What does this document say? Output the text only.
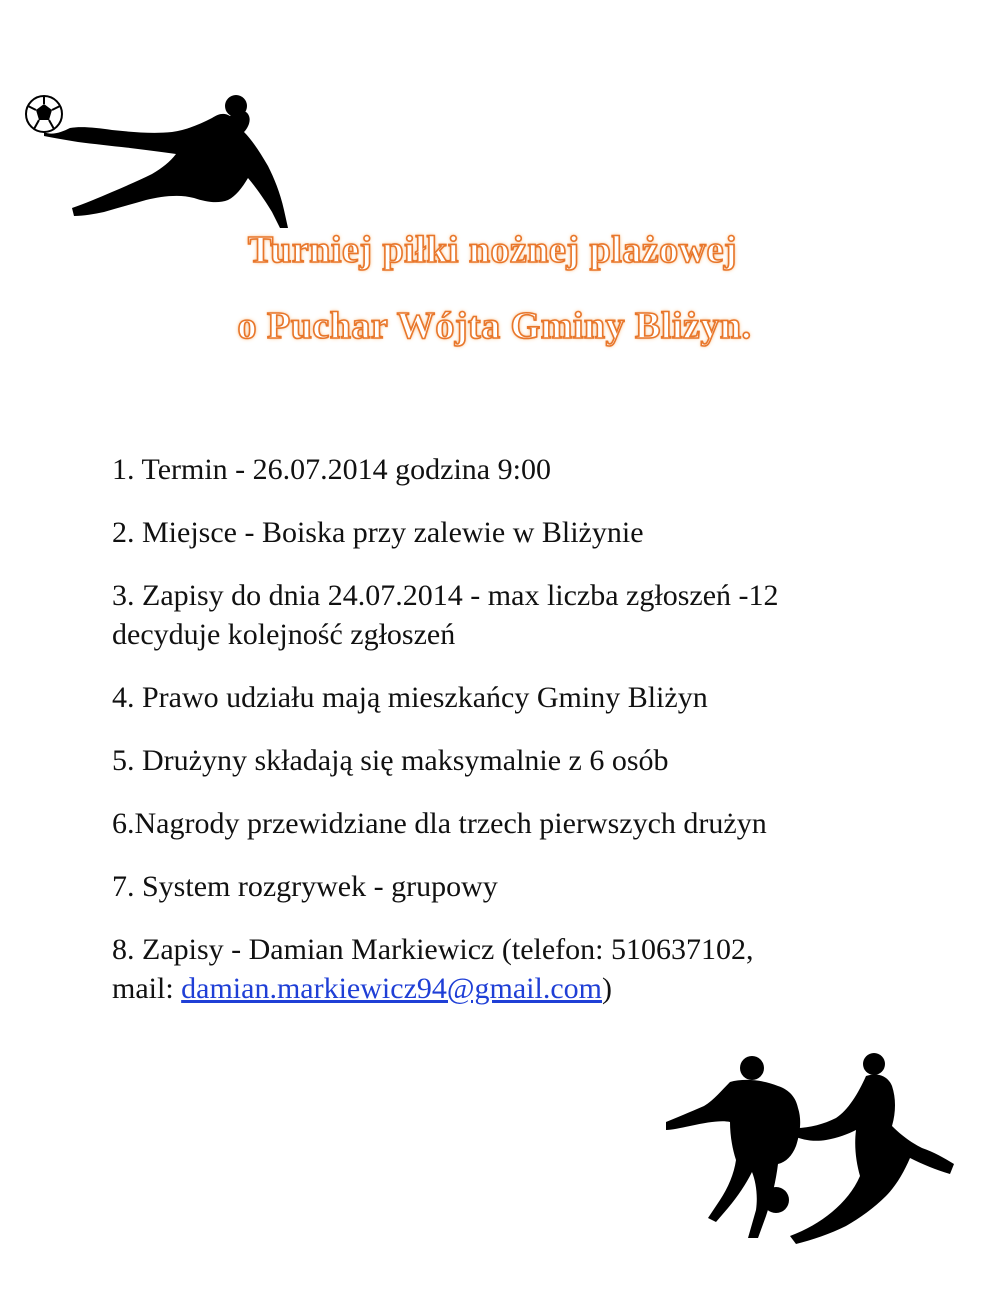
Turniej piłki nożnej plażowej
o Puchar Wójta Gminy Bliżyn.
1. Termin - 26.07.2014 godzina 9:00
2. Miejsce - Boiska przy zalewie w Bliżynie
3. Zapisy do dnia 24.07.2014 - max liczba zgłoszeń -12
decyduje kolejność zgłoszeń
4. Prawo udziału mają mieszkańcy Gminy Bliżyn
5. Drużyny składają się maksymalnie z 6 osób
6.Nagrody przewidziane dla trzech pierwszych drużyn
7. System rozgrywek - grupowy
8. Zapisy - Damian Markiewicz (telefon: 510637102,
mail: damian.markiewicz94@gmail.com)
